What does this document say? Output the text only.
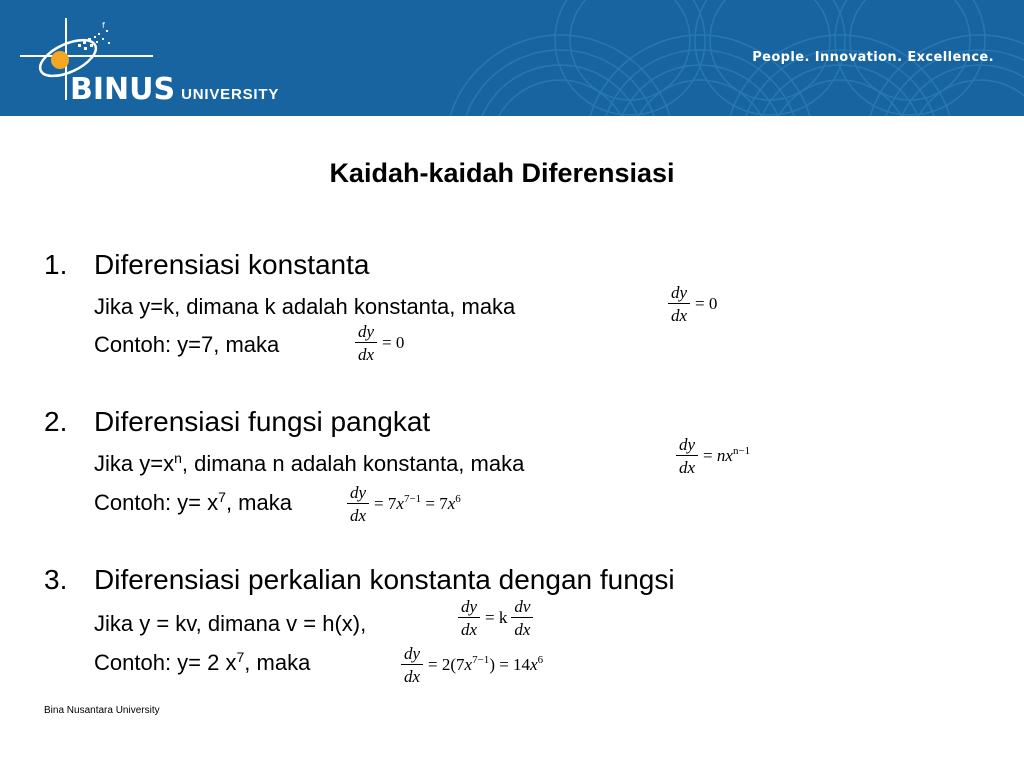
f
BINUS UNIVERSITY
People. Innovation. Excellence.
Kaidah-kaidah Diferensiasi
1. Diferensiasi konstanta
Jika y=k, dimana k adalah konstanta, maka	$\frac{dy}{dx} = 0$
Contoh: y=7, maka	$\frac{dy}{dx} = 0$
2. Diferensiasi fungsi pangkat
Jika $y=x^n$, dimana n adalah konstanta, maka	$\frac{dy}{dx} = nx^{n-1}$
Contoh: $y= x^7$, maka	$\frac{dy}{dx} = 7x^{7-1} = 7x^6$
3. Diferensiasi perkalian konstanta dengan fungsi
Jika y = kv, dimana v = h(x),	$\frac{dy}{dx} = k \frac{dv}{dx}$
Contoh: y= 2 $x^7$, maka	$\frac{dy}{dx} = 2(7x^{7-1}) = 14x^6$
Bina Nusantara University
